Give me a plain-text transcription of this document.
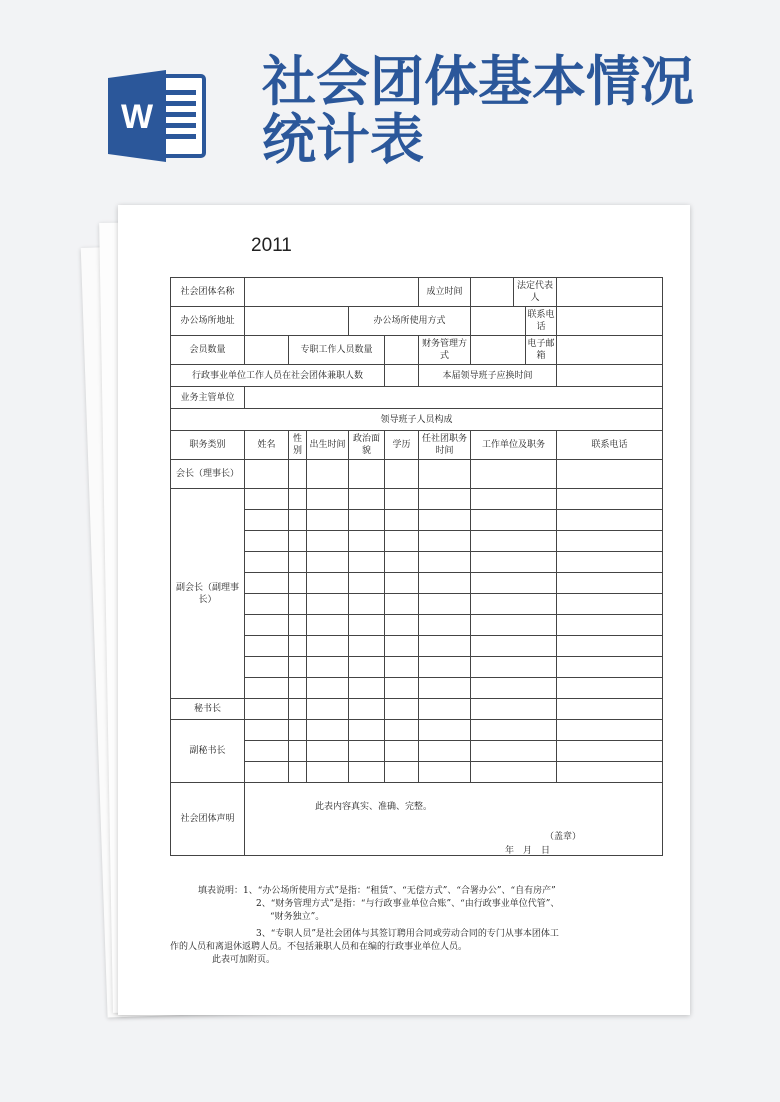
W
社会团体基本情况
统计表
2011
社会团体名称						成立时间	法定代表人	

办公场所地址				办公场所使用方式			联系电话	

会员数量		专职工作人员数量				财务管理方式	电子邮箱	

行政事业单位工作人员在社会团体兼职人数						本届领导班子应换时间		
业务主管单位								
领导班子人员构成								
职务类别	姓名	性别	出生时间	政治面貌	学历	任社团职务时间	工作单位及职务	联系电话
会长（理事长）								
副会长（副理事长）								

秘书长								
副秘书长								

社会团体声明	此表内容真实、准确、完整。
（盖章）
年　月　日							
填表说明：1、“办公场所使用方式”是指：“租赁”、“无偿方式”、“合署办公”、“自有房产”
2、“财务管理方式”是指：“与行政事业单位合账”、“由行政事业单位代管”、
“财务独立”。
3、“专职人员”是社会团体与其签订聘用合同或劳动合同的专门从事本团体工
作的人员和离退休返聘人员。不包括兼职人员和在编的行政事业单位人员。
此表可加附页。
